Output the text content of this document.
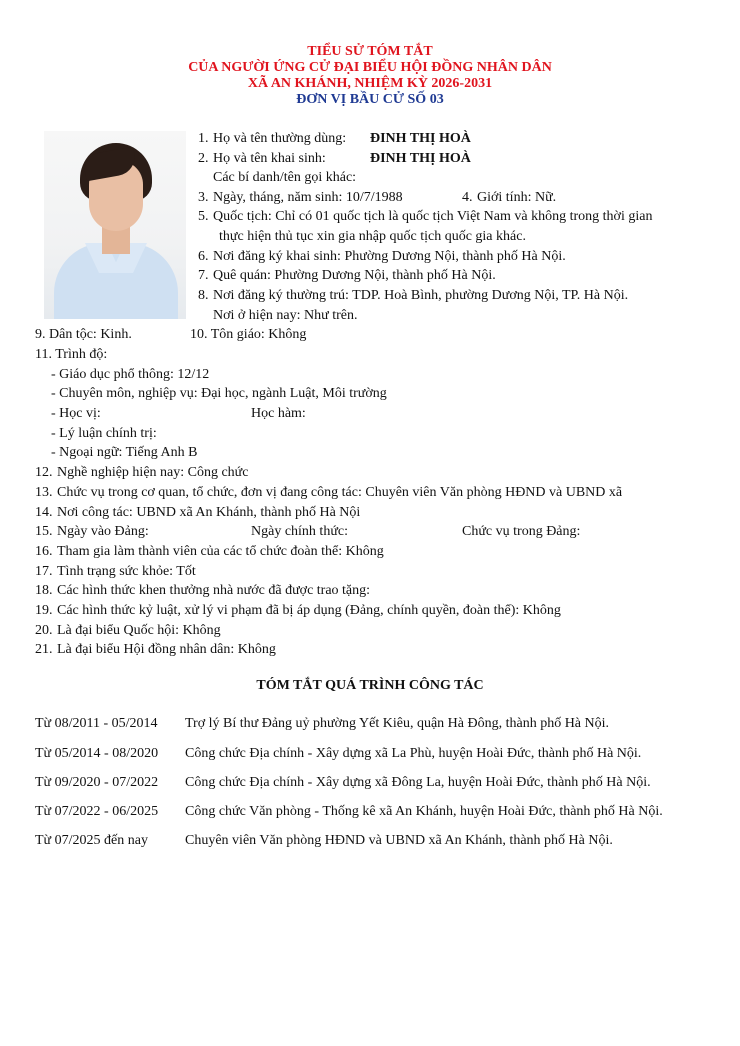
TIỂU SỬ TÓM TẮT
CỦA NGƯỜI ỨNG CỬ ĐẠI BIỂU HỘI ĐỒNG NHÂN DÂN
XÃ AN KHÁNH, NHIỆM KỲ 2026-2031
ĐƠN VỊ BẦU CỬ SỐ 03
1. Họ và tên thường dùng: ĐINH THỊ HOÀ
2. Họ và tên khai sinh:	ĐINH THỊ HOÀ
Các bí danh/tên gọi khác:
3. Ngày, tháng, năm sinh: 10/7/1988	4. Giới tính: Nữ.
5. Quốc tịch: Chỉ có 01 quốc tịch là quốc tịch Việt Nam và không trong thời gian
thực hiện thủ tục xin gia nhập quốc tịch quốc gia khác.
6. Nơi đăng ký khai sinh: Phường Dương Nội, thành phố Hà Nội.
7. Quê quán: Phường Dương Nội, thành phố Hà Nội.
8. Nơi đăng ký thường trú: TDP. Hoà Bình, phường Dương Nội, TP. Hà Nội.
Nơi ở hiện nay: Như trên.
9. Dân tộc: Kinh.	10. Tôn giáo: Không
11. Trình độ:
- Giáo dục phổ thông: 12/12
- Chuyên môn, nghiệp vụ: Đại học, ngành Luật, Môi trường
- Học vị:	Học hàm:
- Lý luận chính trị:
- Ngoại ngữ: Tiếng Anh B
12. Nghề nghiệp hiện nay: Công chức
13. Chức vụ trong cơ quan, tổ chức, đơn vị đang công tác: Chuyên viên Văn phòng HĐND và UBND xã
14. Nơi công tác: UBND xã An Khánh, thành phố Hà Nội
15. Ngày vào Đảng:	Ngày chính thức:	Chức vụ trong Đảng:
16. Tham gia làm thành viên của các tổ chức đoàn thể: Không
17. Tình trạng sức khỏe: Tốt
18. Các hình thức khen thưởng nhà nước đã được trao tặng:
19. Các hình thức kỷ luật, xử lý vi phạm đã bị áp dụng (Đảng, chính quyền, đoàn thể): Không
20. Là đại biểu Quốc hội: Không
21. Là đại biểu Hội đồng nhân dân: Không
TÓM TẮT QUÁ TRÌNH CÔNG TÁC
Từ 08/2011 - 05/2014 Trợ lý Bí thư Đảng uỷ phường Yết Kiêu, quận Hà Đông, thành phố Hà Nội.
Từ 05/2014 - 08/2020 Công chức Địa chính - Xây dựng xã La Phù, huyện Hoài Đức, thành phố Hà Nội.
Từ 09/2020 - 07/2022 Công chức Địa chính - Xây dựng xã Đông La, huyện Hoài Đức, thành phố Hà Nội.
Từ 07/2022 - 06/2025 Công chức Văn phòng - Thống kê xã An Khánh, huyện Hoài Đức, thành phố Hà Nội.
Từ 07/2025 đến nay	Chuyên viên Văn phòng HĐND và UBND xã An Khánh, thành phố Hà Nội.
